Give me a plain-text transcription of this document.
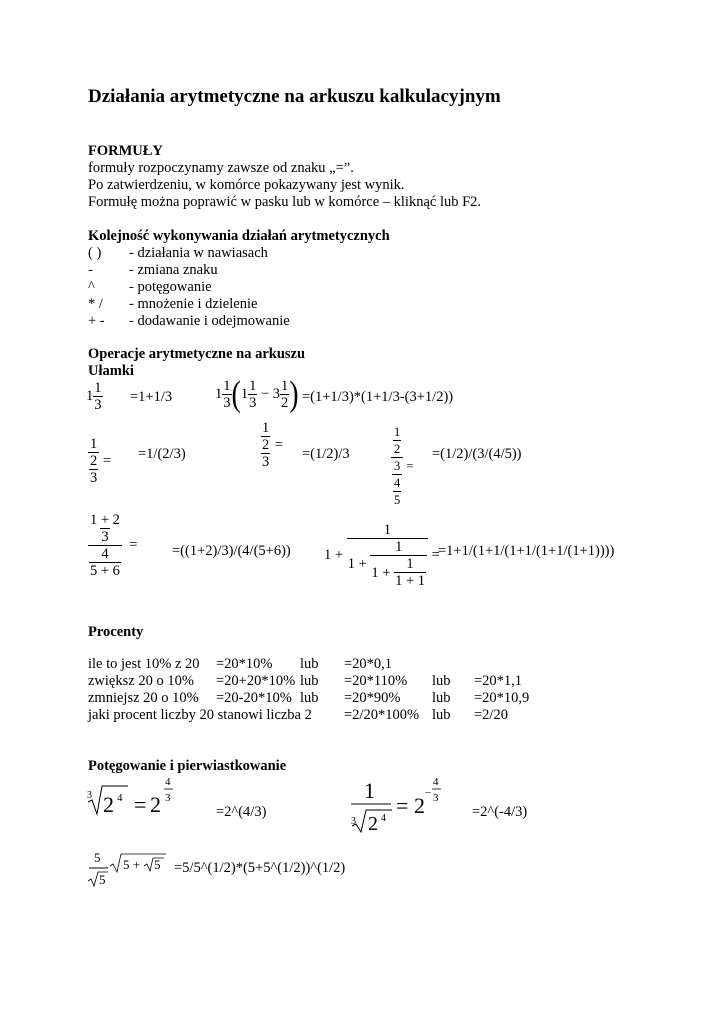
Działania arytmetyczne na arkuszu kalkulacyjnym
FORMUŁY
formuły rozpoczynamy zawsze od znaku „=”.
Po zatwierdzeniu, w komórce pokazywany jest wynik.
Formułę można poprawić w pasku lub w komórce – kliknąć lub F2.
Kolejność wykonywania działań arytmetycznych
( ) - działania w nawiasach
- - zmiana znaku
^ - potęgowanie
* / - mnożenie i dzielenie
+ - - dodawanie i odejmowanie
Operacje arytmetyczne na arkuszu
Ułamki
$1 \frac{1}{3} =1+1/3$	$1 \frac{1}{3}$ ( $1 \frac{1}{3} - 3 \frac{1}{2}$ ) =(1+1/3)*(1+1/3-(3+1/2))
$\frac{1}{\frac{2}{3}} = =1/(2/3)$	$\frac{\frac{1}{2}}{3}$ =
=(1/2)/3	$\frac{\frac{1}{2}}{\frac{3}{\frac{4}{5}}}$ =
=(1/2)/(3/(4/5))
$\frac{\frac{1 + 2}{3}}{\frac{4}{5 + 6}} = =((1+2)/3)/(4/(5+6)) 1 + \frac{1}{1 + \frac{1}{1 + \frac{1}{1 + 1}}}$ =
=1+1/(1+1/(1+1/(1+1/(1+1))))
Procenty
ile to jest 10% z 20 =20*10% lub =20*0,1
zwiększ 20 o 10% =20+20*10% lub =20*110% lub =20*1,1
zmniejsz 20 o 10% =20-20*10% lub =20*90% lub =20*10,9
jaki procent liczby 20 stanowi liczba 2 =2/20*100% lub =2/20
Potęgowanie i pierwiastkowanie
3 2 4 = 2
4
3
=2^(4/3)
1
3 2 4
= 2 −
4
3
=2^(-4/3)
5
5
5 + 5 =5/5^(1/2)*(5+5^(1/2))^(1/2)
